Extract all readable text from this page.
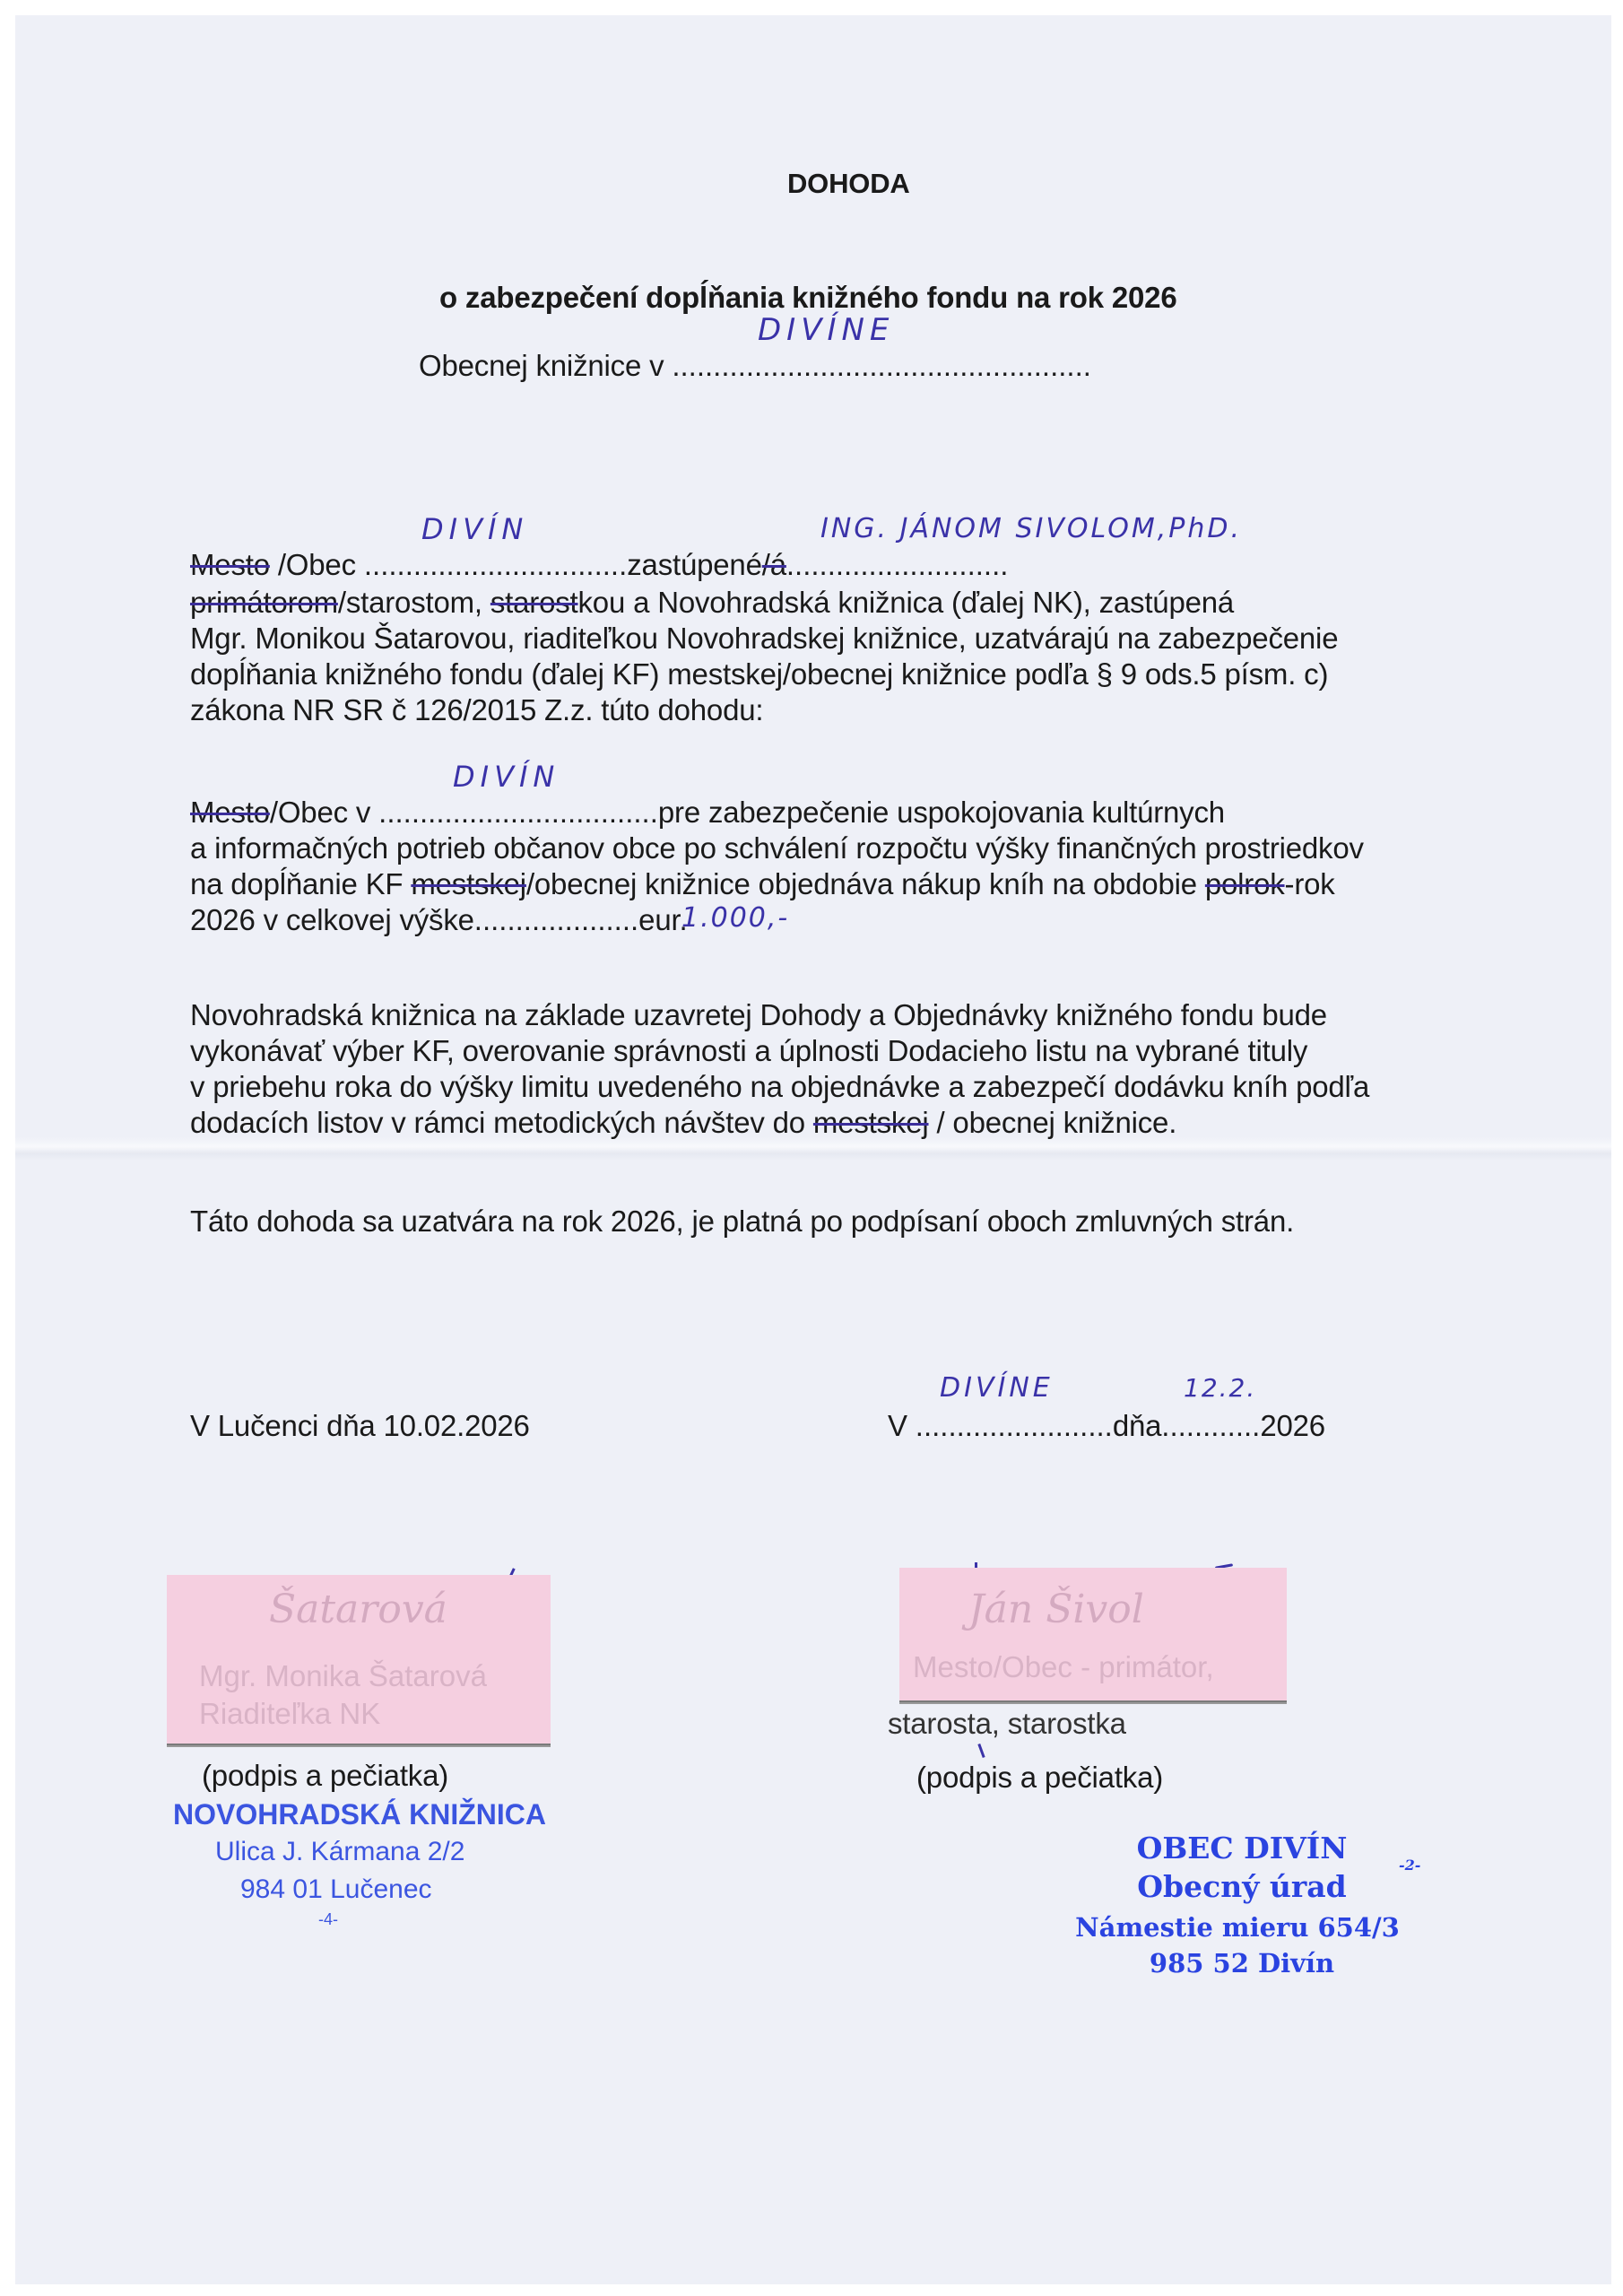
DOHODA
o zabezpečení dopĺňania knižného fondu na rok 2026
DIVÍNE
Obecnej knižnice v ...................................................
DIVÍN	ING. JÁNOM SIVOLOM,PhD.
Mesto /Obec ................................zastúpené/á...........................
primátorom/starostom, starostkou a Novohradská knižnica (ďalej NK), zastúpená
Mgr. Monikou Šatarovou, riaditeľkou Novohradskej knižnice, uzatvárajú na zabezpečenie
dopĺňania knižného fondu (ďalej KF) mestskej/obecnej knižnice podľa § 9 ods.5 písm. c)
zákona NR SR č 126/2015 Z.z. túto dohodu:
DIVÍN
Mesto/Obec v ..................................pre zabezpečenie uspokojovania kultúrnych
a informačných potrieb občanov obce po schválení rozpočtu výšky finančných prostriedkov
na dopĺňanie KF mestskej/obecnej knižnice objednáva nákup kníh na obdobie polrok-rok
2026 v celkovej výške....................eur.
1.000,-
Novohradská knižnica na základe uzavretej Dohody a Objednávky knižného fondu bude
vykonávať výber KF, overovanie správnosti a úplnosti Dodacieho listu na vybrané tituly
v priebehu roka do výšky limitu uvedeného na objednávke a zabezpečí dodávku kníh podľa
dodacích listov v rámci metodických návštev do mestskej / obecnej knižnice.
Táto dohoda sa uzatvára na rok 2026, je platná po podpísaní oboch zmluvných strán.
V Lučenci dňa 10.02.2026
DIVÍNE	12.2.
V ........................dňa............2026
Šatarová
Mgr. Monika Šatarová
Riaditeľka NK
(podpis a pečiatka)
NOVOHRADSKÁ KNIŽNICA
Ulica J. Kármana 2/2
984 01 Lučenec
-4-
Ján Šivol
Mesto/Obec - primátor,
starosta, starostka
(podpis a pečiatka)
OBEC DIVÍN
Obecný úrad
-2-
Námestie mieru 654/3
985 52 Divín
